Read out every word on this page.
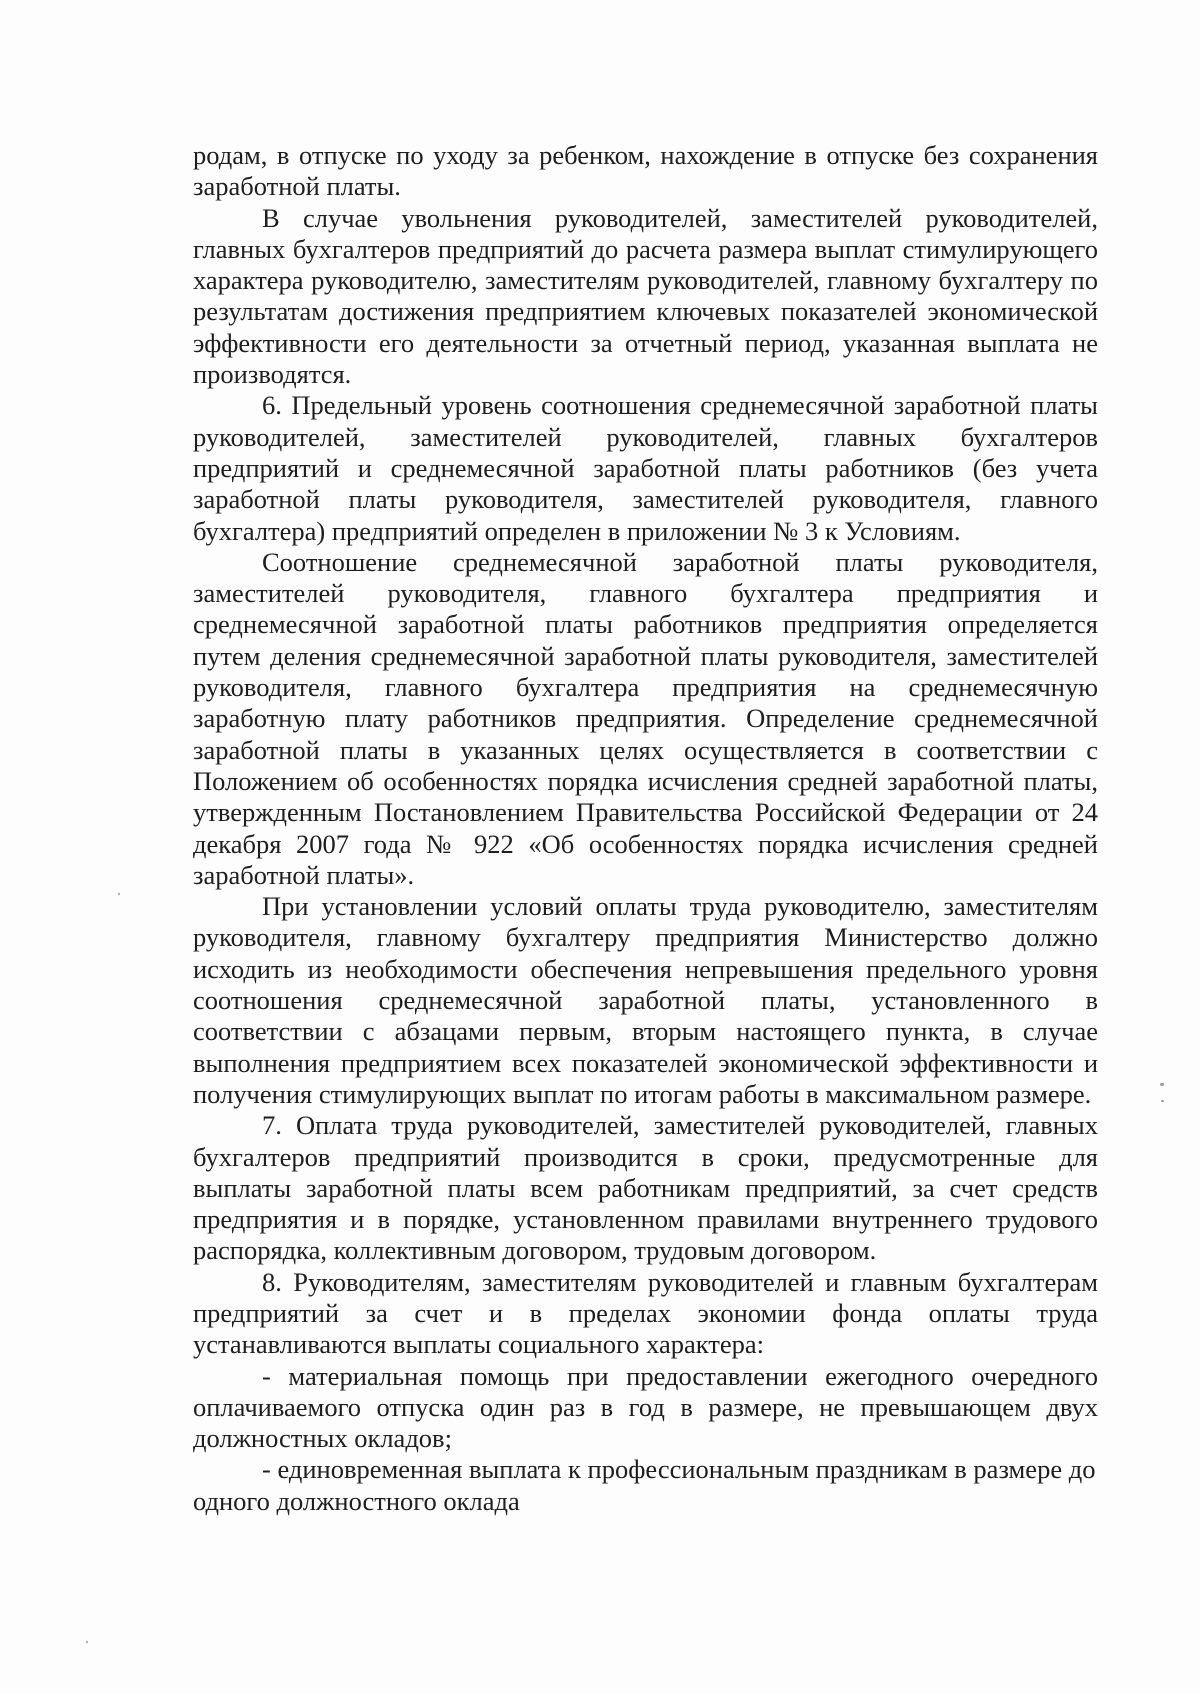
родам, в отпуске по уходу за ребенком, нахождение в отпуске без сохранения заработной платы.

В случае увольнения руководителей, заместителей руководителей, главных бухгалтеров предприятий до расчета размера выплат стимулирующего характера руководителю, заместителям руководителей, главному бухгалтеру по результатам достижения предприятием ключевых показателей экономической эффективности его деятельности за отчетный период, указанная выплата не производятся.

6. Предельный уровень соотношения среднемесячной заработной платы руководителей, заместителей руководителей, главных бухгалтеров предприятий и среднемесячной заработной платы работников (без учета заработной платы руководителя, заместителей руководителя, главного бухгалтера) предприятий определен в приложении № 3 к Условиям.

Соотношение среднемесячной заработной платы руководителя, заместителей руководителя, главного бухгалтера предприятия и среднемесячной заработной платы работников предприятия определяется путем деления среднемесячной заработной платы руководителя, заместителей руководителя, главного бухгалтера предприятия на среднемесячную заработную плату работников предприятия. Определение среднемесячной заработной платы в указанных целях осуществляется в соответствии с Положением об особенностях порядка исчисления средней заработной платы, утвержденным Постановлением Правительства Российской Федерации от 24 декабря 2007 года № 922 «Об особенностях порядка исчисления средней заработной платы».

При установлении условий оплаты труда руководителю, заместителям руководителя, главному бухгалтеру предприятия Министерство должно исходить из необходимости обеспечения непревышения предельного уровня соотношения среднемесячной заработной платы, установленного в соответствии с абзацами первым, вторым настоящего пункта, в случае выполнения предприятием всех показателей экономической эффективности и получения стимулирующих выплат по итогам работы в максимальном размере.

7. Оплата труда руководителей, заместителей руководителей, главных бухгалтеров предприятий производится в сроки, предусмотренные для выплаты заработной платы всем работникам предприятий, за счет средств предприятия и в порядке, установленном правилами внутреннего трудового распорядка, коллективным договором, трудовым договором.

8. Руководителям, заместителям руководителей и главным бухгалтерам предприятий за счет и в пределах экономии фонда оплаты труда устанавливаются выплаты социального характера:

- материальная помощь при предоставлении ежегодного очередного оплачиваемого отпуска один раз в год в размере, не превышающем двух должностных окладов;

- единовременная выплата к профессиональным праздникам в размере до одного должностного оклада
